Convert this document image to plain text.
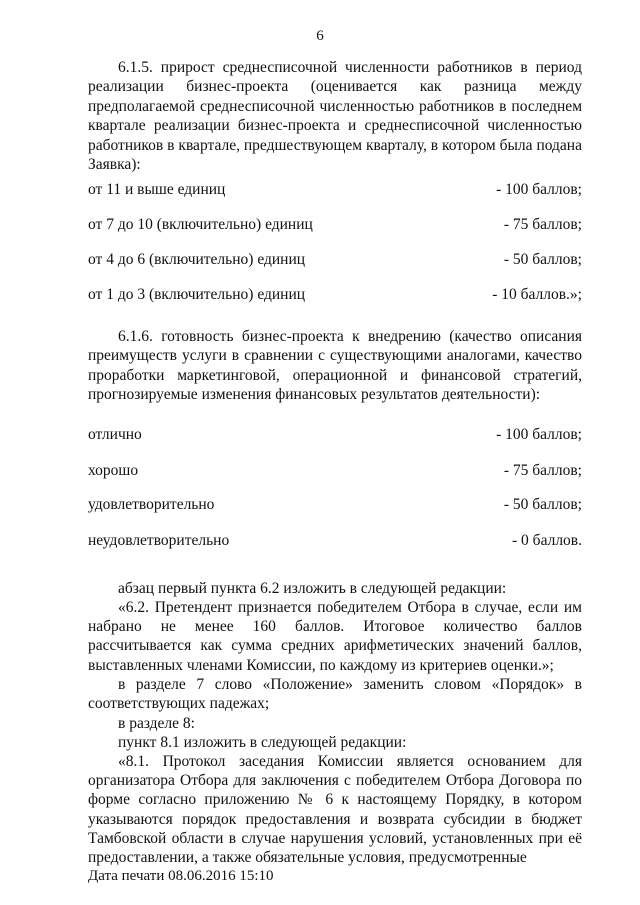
6
6.1.5. прирост среднесписочной численности работников в период реализации бизнес-проекта (оценивается как разница между предполагаемой среднесписочной численностью работников в последнем квартале реализации бизнес-проекта и среднесписочной численностью работников в квартале, предшествующем кварталу, в котором была подана Заявка):
от 11 и выше единиц	- 100 баллов;
от 7 до 10 (включительно) единиц	- 75 баллов;
от 4 до 6 (включительно) единиц	- 50 баллов;
от 1 до 3 (включительно) единиц	- 10 баллов.»;
6.1.6. готовность бизнес-проекта к внедрению (качество описания преимуществ услуги в сравнении с существующими аналогами, качество проработки маркетинговой, операционной и финансовой стратегий, прогнозируемые изменения финансовых результатов деятельности):
отлично	- 100 баллов;
хорошо	- 75 баллов;
удовлетворительно	- 50 баллов;
неудовлетворительно	- 0 баллов.
абзац первый пункта 6.2 изложить в следующей редакции:
«6.2. Претендент признается победителем Отбора в случае, если им набрано не менее 160 баллов. Итоговое количество баллов рассчитывается как сумма средних арифметических значений баллов, выставленных членами Комиссии, по каждому из критериев оценки.»;
в разделе 7 слово «Положение» заменить словом «Порядок» в соответствующих падежах;
в разделе 8:
пункт 8.1 изложить в следующей редакции:
«8.1. Протокол заседания Комиссии является основанием для организатора Отбора для заключения с победителем Отбора Договора по форме согласно приложению № 6 к настоящему Порядку, в котором указываются порядок предоставления и возврата субсидии в бюджет Тамбовской области в случае нарушения условий, установленных при её предоставлении, а также обязательные условия, предусмотренные
Дата печати 08.06.2016 15:10
